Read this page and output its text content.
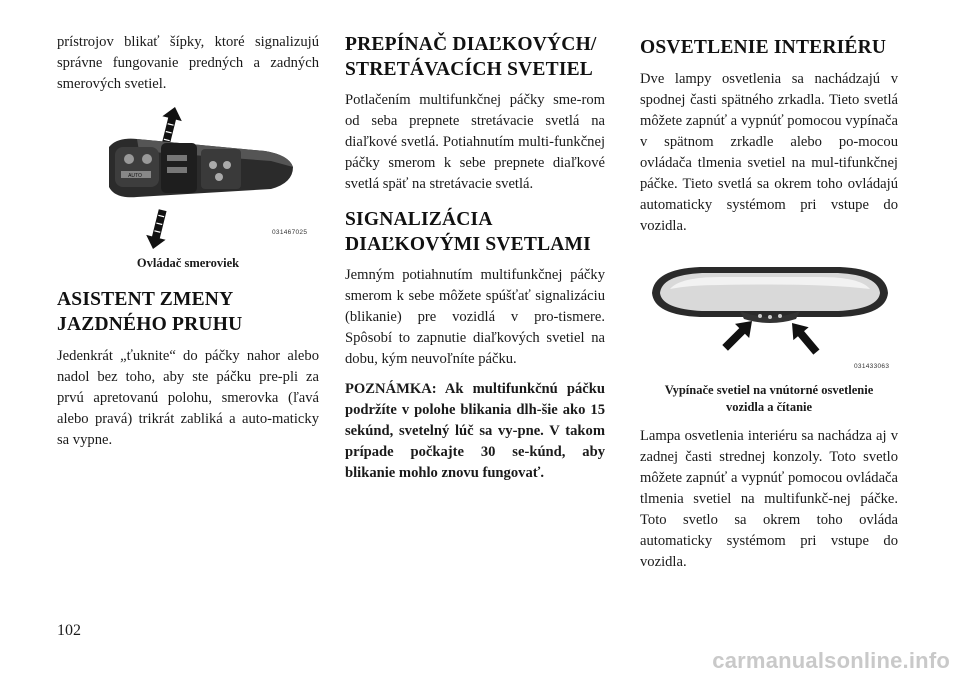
prístrojov blikať šípky, ktoré signalizujú správne fungovanie predných a zadných smerových svetiel.

AUTO
031467025

Ovládač smeroviek

ASISTENT ZMENY
JAZDNÉHO PRUHU

Jedenkrát „ťuknite“ do páčky nahor alebo nadol bez toho, aby ste páčku pre-pli za prvú apretovanú polohu, smerovka (ľavá alebo pravá) trikrát zabliká a auto-maticky sa vypne.

PREPÍNAČ DIAĽKOVÝCH/
STRETÁVACÍCH SVETIEL

Potlačením multifunkčnej páčky sme-rom od seba prepnete stretávacie svetlá na diaľkové svetlá. Potiahnutím multi-funkčnej páčky smerom k sebe prepnete diaľkové svetlá späť na stretávacie svetlá.

SIGNALIZÁCIA
DIAĽKOVÝMI SVETLAMI

Jemným potiahnutím multifunkčnej páčky smerom k sebe môžete spúšťať signalizáciu (blikanie) pre vozidlá v pro-tismere. Spôsobí to zapnutie diaľkových svetiel na dobu, kým neuvoľníte páčku.

POZNÁMKA: Ak multifunkčnú páčku podržíte v polohe blikania dlh-šie ako 15 sekúnd, svetelný lúč sa vy-pne. V takom prípade počkajte 30 se-kúnd, aby blikanie mohlo znovu fungovať.

OSVETLENIE INTERIÉRU

Dve lampy osvetlenia sa nachádzajú v spodnej časti spätného zrkadla. Tieto svetlá môžete zapnúť a vypnúť pomocou vypínača v spätnom zrkadle alebo po-mocou ovládača tlmenia svetiel na mul-tifunkčnej páčke. Tieto svetlá sa okrem toho ovládajú automaticky systémom pri vstupe do vozidla.

031433063

Vypínače svetiel na vnútorné osvetlenie
vozidla a čítanie

Lampa osvetlenia interiéru sa nachádza aj v zadnej časti strednej konzoly. Toto svetlo môžete zapnúť a vypnúť pomocou ovládača tlmenia svetiel na multifunkč-nej páčke. Toto svetlo sa okrem toho ovláda automaticky systémom pri vstupe do vozidla.

102
carmanualsonline.info
